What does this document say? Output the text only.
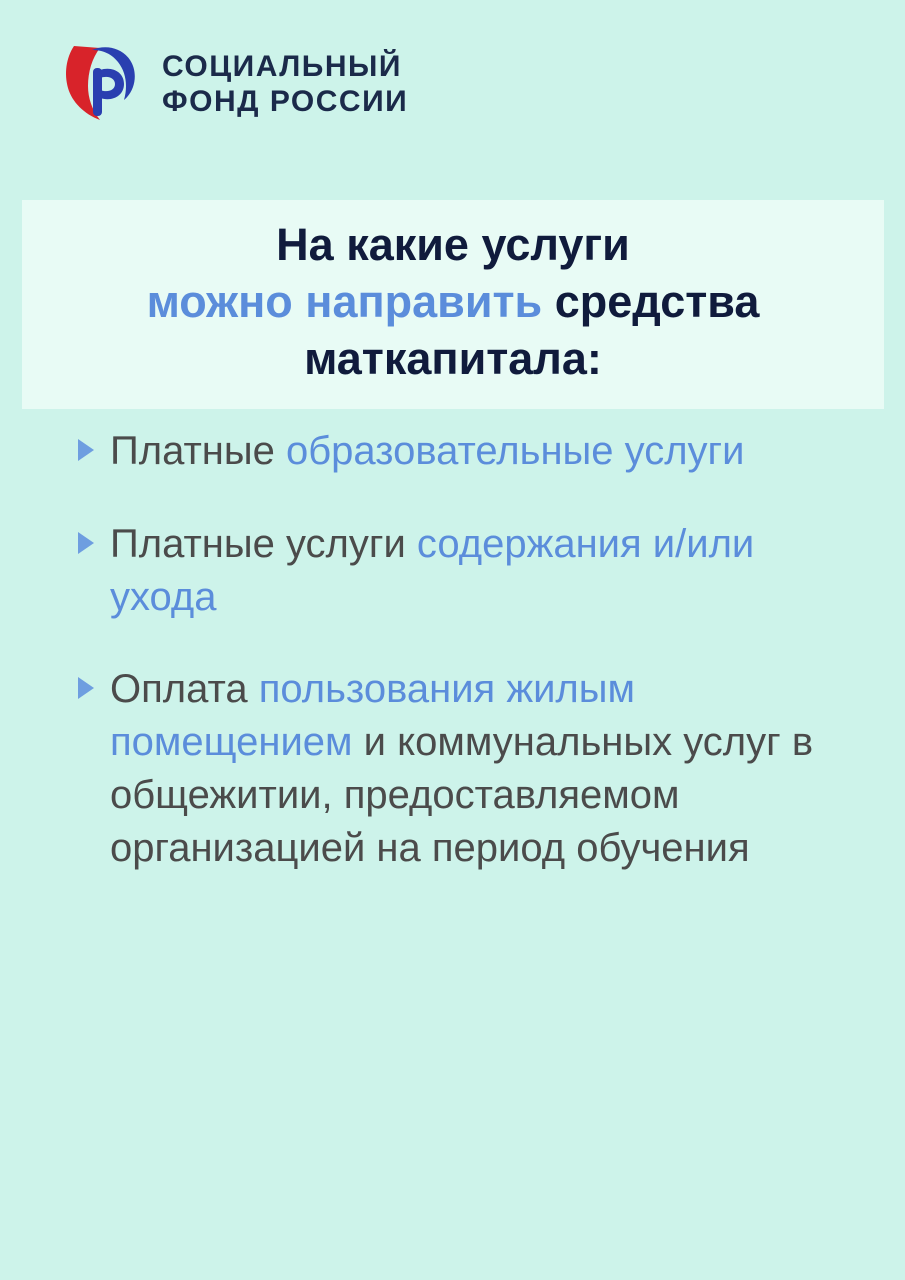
СОЦИАЛЬНЫЙ
ФОНД РОССИИ
На какие услуги
можно направить средства
маткапитала:
Платные образовательные услуги
Платные услуги содержания и/или ухода
Оплата пользования жилым помещением и коммунальных услуг в общежитии, предоставляемом организацией на период обучения
